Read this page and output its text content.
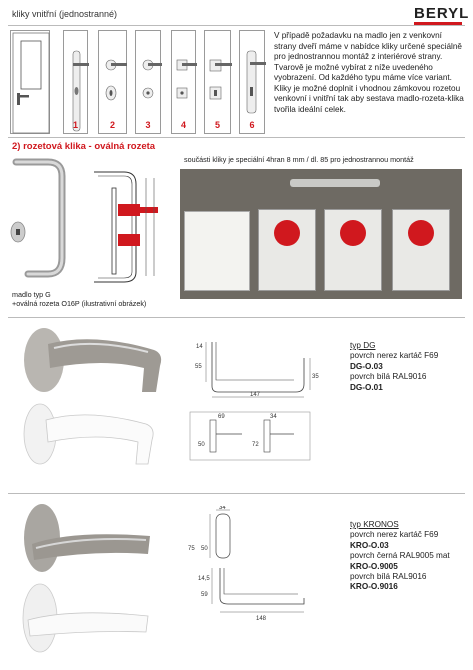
kliky vnitřní (jednostranné)	BERYL
1	2	3	4	5	6
V případě požadavku na madlo jen z venkovní strany dveří máme v nabídce kliky určené speciálně pro jednostrannou montáž z interiérové strany. Tvarově je možné vybírat z níže uvedeného vyobrazení. Od každého typu máme více variant. Kliky je možné doplnit i vhodnou zámkovou rozetou venkovní i vnitřní tak aby sestava madlo-rozeta-klika tvořila ideální celek.
2) rozetová klika - oválná rozeta
madlo typ G
+oválná rozeta O16P (ilustrativní obrázek)
součásti kliky je speciální 4hran 8 mm / dl. 85 pro jednostrannou montáž
14
55
35
147
69	34
50	72
typ DG
povrch nerez kartáč F69
DG-O.03
povrch bílá RAL9016
DG-O.01
34
75 50
14,5
59
148
typ KRONOS
povrch nerez kartáč F69
KRO-O.03
povrch černá RAL9005 mat
KRO-O.9005
povrch bílá RAL9016
KRO-O.9016
